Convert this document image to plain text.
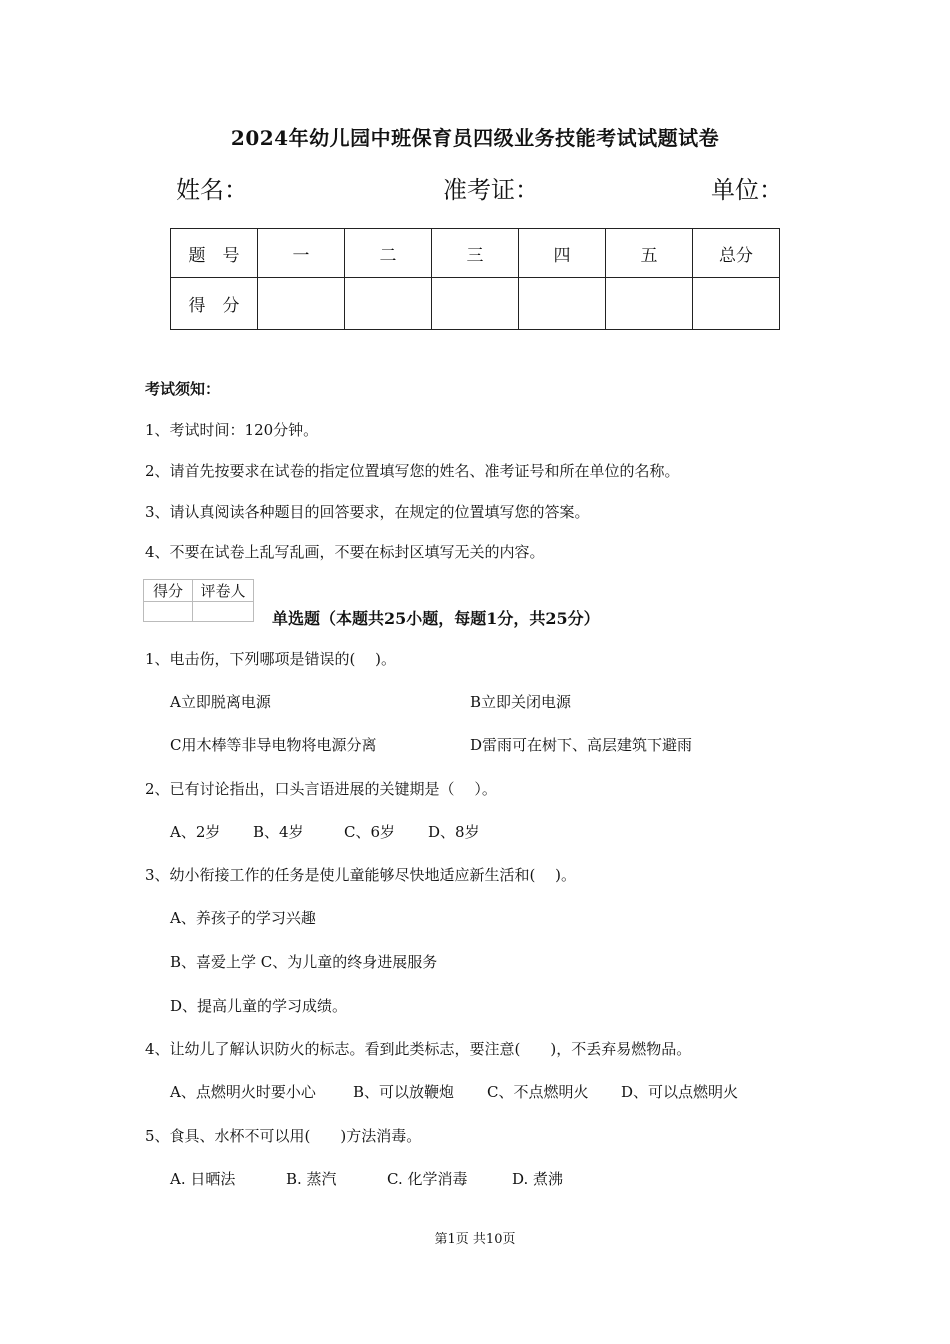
2024年幼儿园中班保育员四级业务技能考试试题试卷
姓名：	准考证：	单位：
题　号	一	二	三	四	五	总分
得　分						
考试须知：
1、考试时间：120分钟。
2、请首先按要求在试卷的指定位置填写您的姓名、准考证号和所在单位的名称。
3、请认真阅读各种题目的回答要求，在规定的位置填写您的答案。
4、不要在试卷上乱写乱画，不要在标封区填写无关的内容。
得分	评卷人

单选题（本题共25小题，每题1分，共25分）
1、电击伤，下列哪项是错误的(　 )。
A立即脱离电源	B立即关闭电源
C用木棒等非导电物将电源分离	D雷雨可在树下、高层建筑下避雨
2、已有讨论指出，口头言语进展的关键期是（　 ）。
A、2岁 B、4岁	C、6岁 D、8岁
3、幼小衔接工作的任务是使儿童能够尽快地适应新生活和(　 )。
A、养孩子的学习兴趣
B、喜爱上学 C、为儿童的终身进展服务
D、提高儿童的学习成绩。
4、让幼儿了解认识防火的标志。看到此类标志，要注意(　　)，不丢弃易燃物品。
A、点燃明火时要小心 B、可以放鞭炮 C、不点燃明火 D、可以点燃明火
5、食具、水杯不可以用(　　)方法消毒。
A. 日晒法	B. 蒸汽	C. 化学消毒	D. 煮沸
第1页 共10页
